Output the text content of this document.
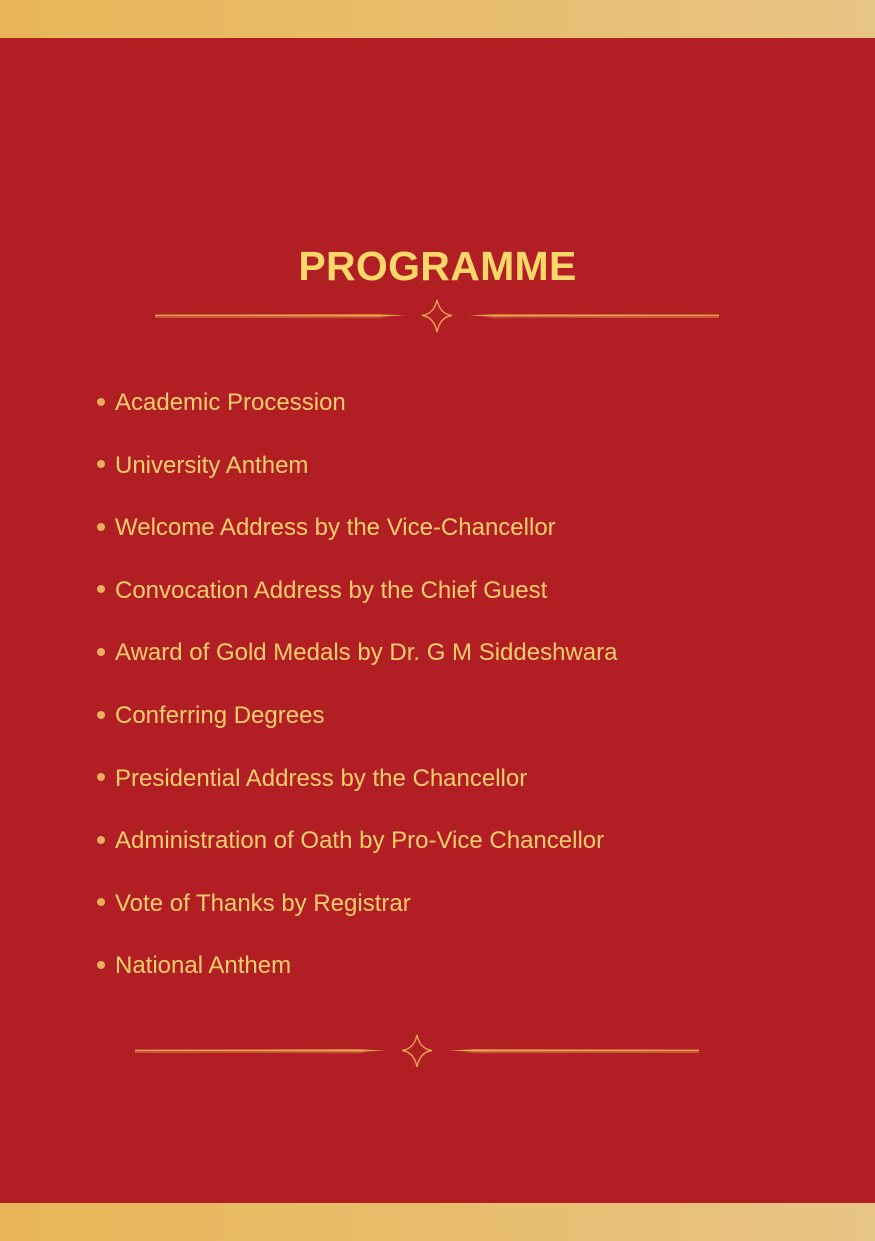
PROGRAMME
Academic Procession
University Anthem
Welcome Address by the Vice-Chancellor
Convocation Address by the Chief Guest
Award of Gold Medals by Dr. G M Siddeshwara
Conferring Degrees
Presidential Address by the Chancellor
Administration of Oath by Pro-Vice Chancellor
Vote of Thanks by Registrar
National Anthem
